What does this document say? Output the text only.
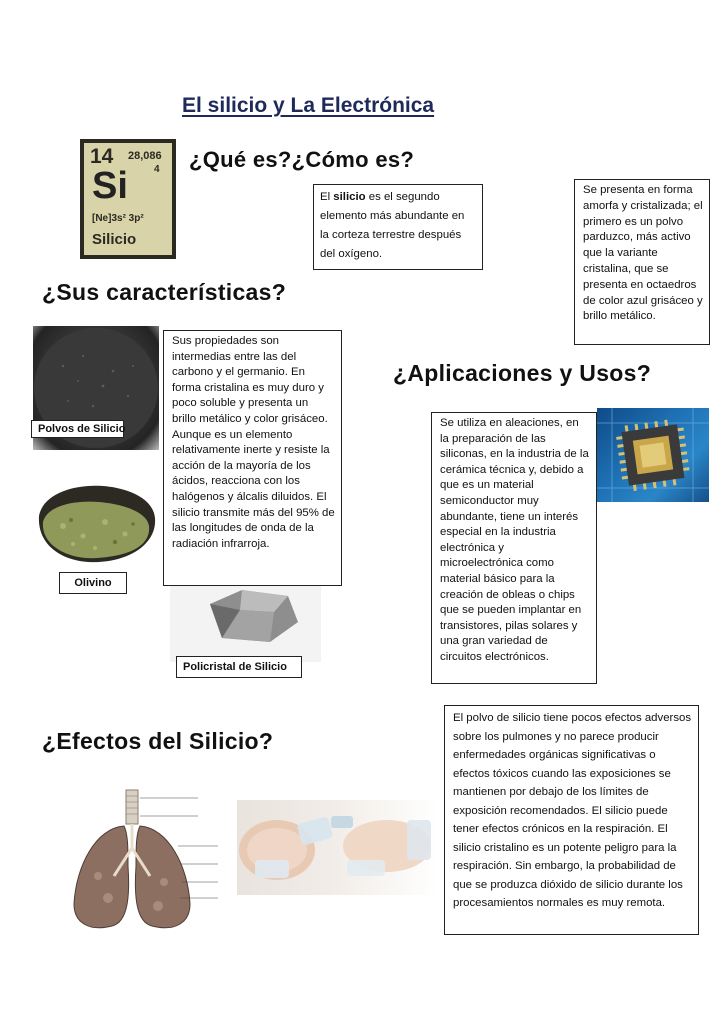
El silicio y La Electrónica
14 28,086
4
Si
[Ne]3s² 3p²
Silicio
¿Qué es?¿Cómo es?
¿Sus características?
¿Aplicaciones y Usos?
¿Efectos del Silicio?
El silicio es el segundo elemento más abundante en la corteza terrestre después del oxígeno.
Se presenta en forma amorfa y cristalizada; el primero es un polvo parduzco, más activo que la variante cristalina, que se presenta en octaedros de color azul grisáceo y brillo metálico.
Polvos de Silicio
Olivino
Policristal de Silicio
Sus propiedades son intermedias entre las del carbono y el germanio. En forma cristalina es muy duro y poco soluble y presenta un brillo metálico y color grisáceo. Aunque es un elemento relativamente inerte y resiste la acción de la mayoría de los ácidos, reacciona con los halógenos y álcalis diluidos. El silicio transmite más del 95% de las longitudes de onda de la radiación infrarroja.
Se utiliza en aleaciones, en la preparación de las siliconas, en la industria de la cerámica técnica y, debido a que es un material semiconductor muy abundante, tiene un interés especial en la industria electrónica y microelectrónica como material básico para la creación de obleas o chips que se pueden implantar en transistores, pilas solares y una gran variedad de circuitos electrónicos.
El polvo de silicio tiene pocos efectos adversos sobre los pulmones y no parece producir enfermedades orgánicas significativas o efectos tóxicos cuando las exposiciones se mantienen por debajo de los límites de exposición recomendados. El silicio puede tener efectos crónicos en la respiración. El silicio cristalino es un potente peligro para la respiración. Sin embargo, la probabilidad de que se produzca dióxido de silicio durante los procesamientos normales es muy remota.
